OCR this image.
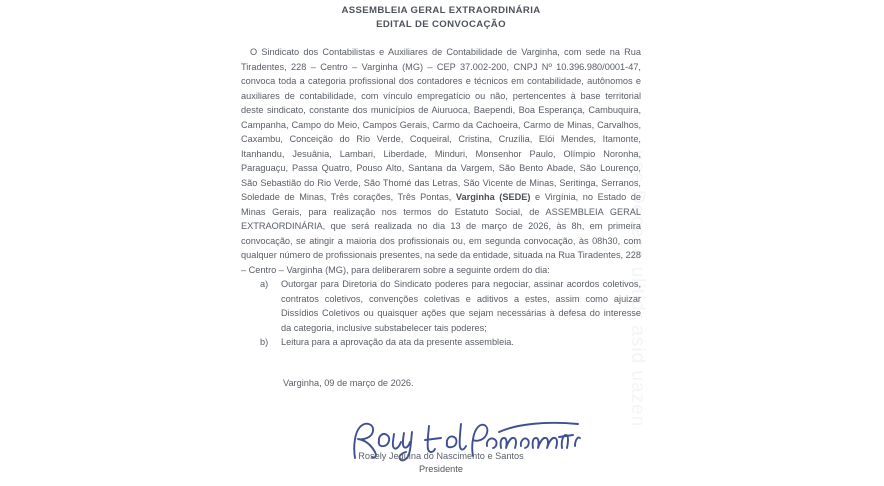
use Decesa ulitidr asid uazen
ASSEMBLEIA GERAL EXTRAORDINÁRIA
EDITAL DE CONVOCAÇÃO

O Sindicato dos Contabilistas e Auxiliares de Contabilidade de Varginha, com sede na Rua Tiradentes, 228 – Centro – Varginha (MG) – CEP 37.002-200, CNPJ Nº 10.396.980/0001-47, convoca toda a categoria profissional dos contadores e técnicos em contabilidade, autônomos e auxiliares de contabilidade, com vínculo empregatício ou não, pertencentes à base territorial deste sindicato, constante dos municípios de Aiuruoca, Baependi, Boa Esperança, Cambuquira, Campanha, Campo do Meio, Campos Gerais, Carmo da Cachoeira, Carmo de Minas, Carvalhos, Caxambu, Conceição do Rio Verde, Coqueiral, Cristina, Cruzília, Elói Mendes, Itamonte, Itanhandu, Jesuânia, Lambari, Liberdade, Minduri, Monsenhor Paulo, Olímpio Noronha, Paraguaçu, Passa Quatro, Pouso Alto, Santana da Vargem, São Bento Abade, São Lourenço, São Sebastião do Rio Verde, São Thomé das Letras, São Vicente de Minas, Seritinga, Serranos, Soledade de Minas, Três corações, Três Pontas, Varginha (SEDE) e Virgínia, no Estado de Minas Gerais, para realização nos termos do Estatuto Social, de ASSEMBLEIA GERAL EXTRAORDINÁRIA, que será realizada no dia 13 de março de 2026, às 8h, em primeira convocação, se atingir a maioria dos profissionais ou, em segunda convocação, às 08h30, com qualquer número de profissionais presentes, na sede da entidade, situada na Rua Tiradentes, 228 – Centro – Varginha (MG), para deliberarem sobre a seguinte ordem do dia:

a)	Outorgar para Diretoria do Sindicato poderes para negociar, assinar acordos coletivos, contratos coletivos, convenções coletivas e aditivos a estes, assim como ajuizar Dissídios Coletivos ou quaisquer ações que sejam necessárias à defesa do interesse da categoria, inclusive substabelecer tais poderes;
b)	Leitura para a aprovação da ata da presente assembleia.
Varginha, 09 de março de 2026.
Rosely Jequina do Nascimento e Santos
Presidente
